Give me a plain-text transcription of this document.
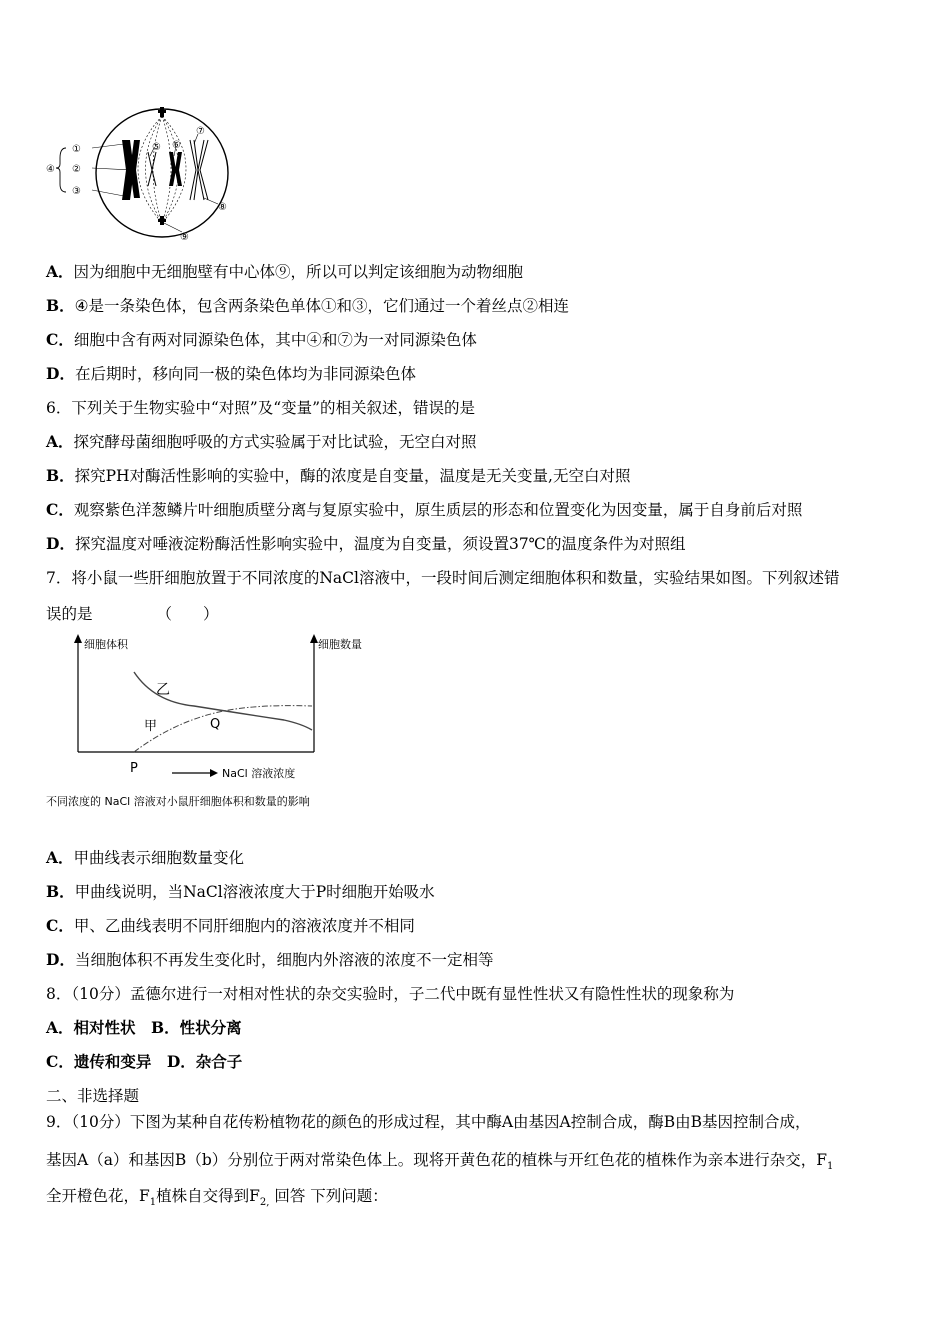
①
②
③
④
⑤ ⑥
⑦
⑧
⑨
A．因为细胞中无细胞壁有中心体⑨，所以可以判定该细胞为动物细胞
B．④是一条染色体，包含两条染色单体①和③，它们通过一个着丝点②相连
C．细胞中含有两对同源染色体，其中④和⑦为一对同源染色体
D．在后期时，移向同一极的染色体均为非同源染色体
6．下列关于生物实验中“对照”及“变量”的相关叙述，错误的是
A．探究酵母菌细胞呼吸的方式实验属于对比试验，无空白对照
B．探究PH对酶活性影响的实验中，酶的浓度是自变量，温度是无关变量,无空白对照
C．观察紫色洋葱鳞片叶细胞质壁分离与复原实验中，原生质层的形态和位置变化为因变量，属于自身前后对照
D．探究温度对唾液淀粉酶活性影响实验中，温度为自变量，须设置37℃的温度条件为对照组
7．将小鼠一些肝细胞放置于不同浓度的NaCl溶液中，一段时间后测定细胞体积和数量，实验结果如图。下列叙述错
误的是	（　　）
细胞体积	细胞数量
乙
甲	Q
P	NaCl 溶液浓度
不同浓度的 NaCl 溶液对小鼠肝细胞体积和数量的影响
A．甲曲线表示细胞数量变化
B．甲曲线说明，当NaCl溶液浓度大于P时细胞开始吸水
C．甲、乙曲线表明不同肝细胞内的溶液浓度并不相同
D．当细胞体积不再发生变化时，细胞内外溶液的浓度不一定相等
8．（10分）孟德尔进行一对相对性状的杂交实验时，子二代中既有显性性状又有隐性性状的现象称为
A．相对性状　B．性状分离
C．遗传和变异　D．杂合子
二、非选择题
9．（10分）下图为某种自花传粉植物花的颜色的形成过程，其中酶A由基因A控制合成，酶B由B基因控制合成，
基因A（a）和基因B（b）分别位于两对常染色体上。现将开黄色花的植株与开红色花的植株作为亲本进行杂交，$F_1$
全开橙色花，$F_1$植株自交得到$F_{2,}$ 回答 下列问题：
